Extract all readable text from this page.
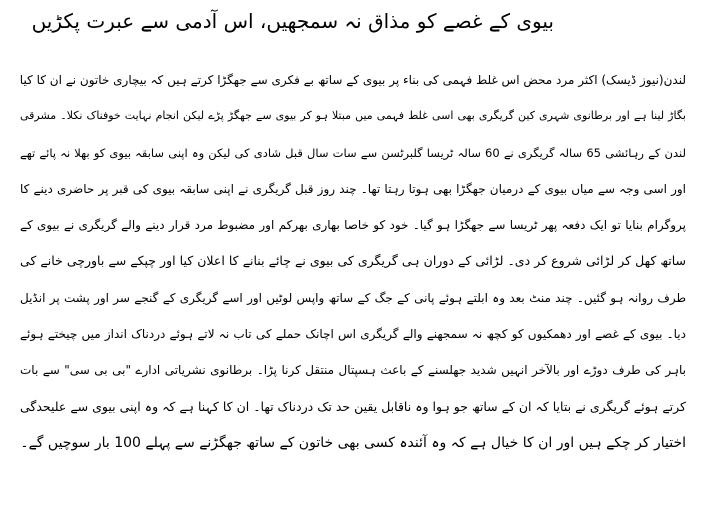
بیوی کے غصے کو مذاق نہ سمجھیں، اس آدمی سے عبرت پکڑیں
لندن(نیوز ڈیسک) اکثر مرد محض اس غلط فہمی کی بناء پر بیوی کے ساتھ بے فکری سے جھگڑا کرتے ہیں کہ بیچاری خاتون نے ان کا کیا
بگاڑ لینا ہے اور برطانوی شہری کین گریگری بھی اسی غلط فہمی میں مبتلا ہو کر بیوی سے جھگڑ پڑے لیکن انجام نہایت خوفناک نکلا۔ مشرقی
لندن کے رہائشی 65 سالہ گریگری نے 60 سالہ ٹریسا گلبرٹسن سے سات سال قبل شادی کی لیکن وہ اپنی سابقہ بیوی کو بھلا نہ پائے تھے
اور اسی وجہ سے میاں بیوی کے درمیان جھگڑا بھی ہوتا رہتا تھا۔ چند روز قبل گریگری نے اپنی سابقہ بیوی کی قبر پر حاضری دینے کا
پروگرام بنایا تو ایک دفعہ پھر ٹریسا سے جھگڑا ہو گیا۔ خود کو خاصا بھاری بھرکم اور مضبوط مرد قرار دینے والے گریگری نے بیوی کے
ساتھ کھل کر لڑائی شروع کر دی۔ لڑائی کے دوران ہی گریگری کی بیوی نے چائے بنانے کا اعلان کیا اور چپکے سے باورچی خانے کی
طرف روانہ ہو گئیں۔ چند منٹ بعد وہ ابلتے ہوئے پانی کے جگ کے ساتھ واپس لوٹیں اور اسے گریگری کے گنجے سر اور پشت پر انڈیل
دیا۔ بیوی کے غصے اور دھمکیوں کو کچھ نہ سمجھنے والے گریگری اس اچانک حملے کی تاب نہ لاتے ہوئے دردناک انداز میں چیختے ہوئے
باہر کی طرف دوڑے اور بالآخر انہیں شدید جھلسنے کے باعث ہسپتال منتقل کرنا پڑا۔ برطانوی نشریاتی ادارے "بی بی سی" سے بات
کرتے ہوئے گریگری نے بتایا کہ ان کے ساتھ جو ہوا وہ ناقابل یقین حد تک دردناک تھا۔ ان کا کہنا ہے کہ وہ اپنی بیوی سے علیحدگی
اختیار کر چکے ہیں اور ان کا خیال ہے کہ وہ آئندہ کسی بھی خاتون کے ساتھ جھگڑنے سے پہلے 100 بار سوچیں گے۔
